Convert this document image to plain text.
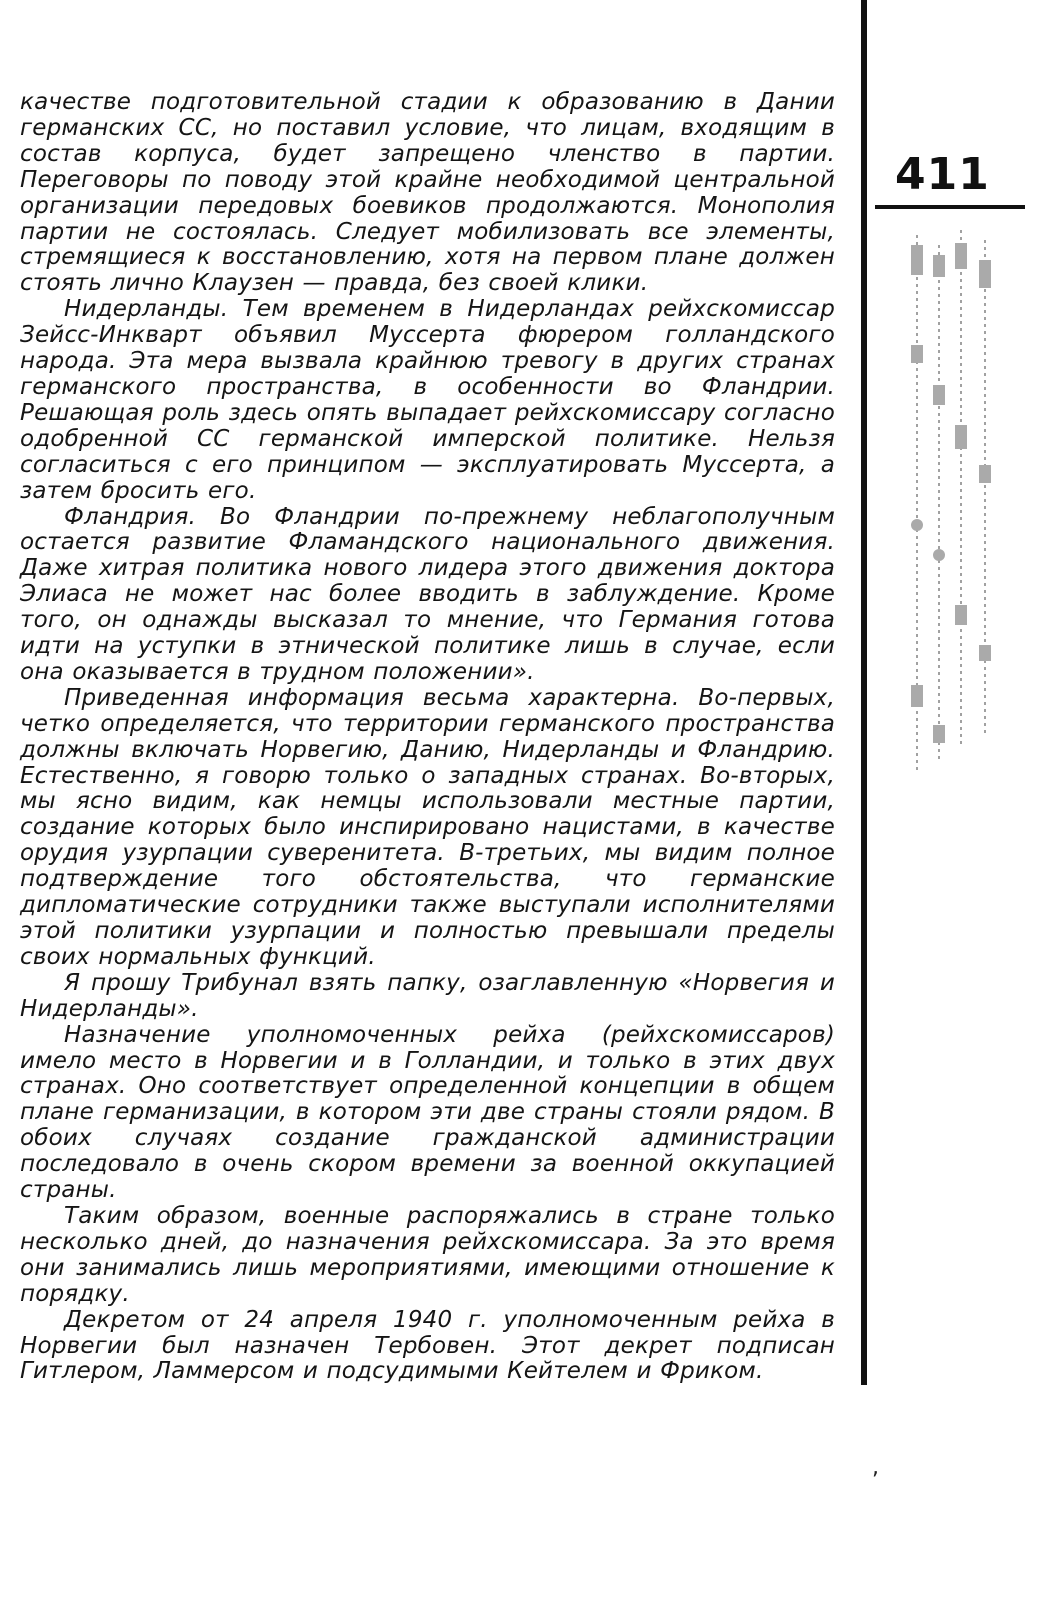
качестве подготовительной стадии к образованию в Дании германских СС, но поставил условие, что лицам, входящим в состав корпуса, будет запрещено членство в партии. Переговоры по поводу этой крайне необходимой центральной организации передовых боевиков продолжаются. Монополия партии не состоялась. Следует мобилизовать все элементы, стремящиеся к восстановлению, хотя на первом плане должен стоять лично Клаузен — правда, без своей клики.

Нидерланды. Тем временем в Нидерландах рейхскомиссар Зейсс-Инкварт объявил Муссерта фюрером голландского народа. Эта мера вызвала крайнюю тревогу в других странах германского пространства, в особенности во Фландрии. Решающая роль здесь опять выпадает рейхскомиссару согласно одобренной СС германской имперской политике. Нельзя согласиться с его принципом — эксплуатировать Муссерта, а затем бросить его.

Фландрия. Во Фландрии по-прежнему неблагополучным остается развитие Фламандского национального движения. Даже хитрая политика нового лидера этого движения доктора Элиаса не может нас более вводить в заблуждение. Кроме того, он однажды высказал то мнение, что Германия готова идти на уступки в этнической политике лишь в случае, если она оказывается в трудном положении».

Приведенная информация весьма характерна. Во-первых, четко определяется, что территории германского пространства должны включать Норвегию, Данию, Нидерланды и Фландрию. Естественно, я говорю только о западных странах. Во-вторых, мы ясно видим, как немцы использовали местные партии, создание которых было инспирировано нацистами, в качестве орудия узурпации суверенитета. В-третьих, мы видим полное подтверждение того обстоятельства, что германские дипломатические сотрудники также выступали исполнителями этой политики узурпации и полностью превышали пределы своих нормальных функций.

Я прошу Трибунал взять папку, озаглавленную «Норвегия и Нидерланды».

Назначение уполномоченных рейха (рейхскомиссаров) имело место в Норвегии и в Голландии, и только в этих двух странах. Оно соответствует определенной концепции в общем плане германизации, в котором эти две страны стояли рядом. В обоих случаях создание гражданской администрации последовало в очень скором времени за военной оккупацией страны.

Таким образом, военные распоряжались в стране только несколько дней, до назначения рейхскомиссара. За это время они занимались лишь мероприятиями, имеющими отношение к порядку.

Декретом от 24 апреля 1940 г. уполномоченным рейха в Норвегии был назначен Тербовен. Этот декрет подписан Гитлером, Ламмерсом и подсудимыми Кейтелем и Фриком.

411
,
